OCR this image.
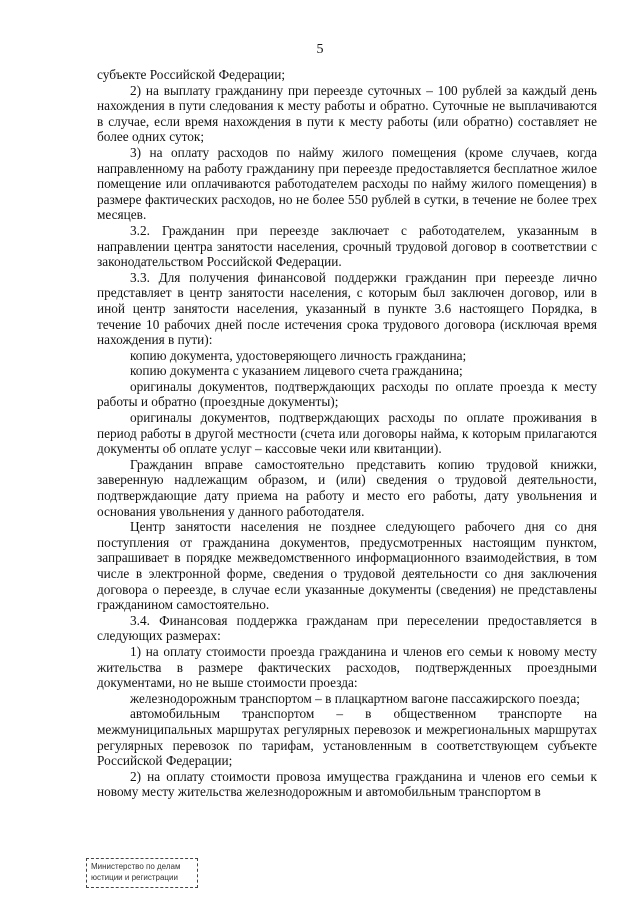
5

субъекте Российской Федерации;

2) на выплату гражданину при переезде суточных – 100 рублей за каждый день нахождения в пути следования к месту работы и обратно. Суточные не выплачиваются в случае, если время нахождения в пути к месту работы (или обратно) составляет не более одних суток;

3) на оплату расходов по найму жилого помещения (кроме случаев, когда направленному на работу гражданину при переезде предоставляется бесплатное жилое помещение или оплачиваются работодателем расходы по найму жилого помещения) в размере фактических расходов, но не более 550 рублей в сутки, в течение не более трех месяцев.

3.2. Гражданин при переезде заключает с работодателем, указанным в направлении центра занятости населения, срочный трудовой договор в соответствии с законодательством Российской Федерации.

3.3. Для получения финансовой поддержки гражданин при переезде лично представляет в центр занятости населения, с которым был заключен договор, или в иной центр занятости населения, указанный в пункте 3.6 настоящего Порядка, в течение 10 рабочих дней после истечения срока трудового договора (исключая время нахождения в пути):

копию документа, удостоверяющего личность гражданина;

копию документа с указанием лицевого счета гражданина;

оригиналы документов, подтверждающих расходы по оплате проезда к месту работы и обратно (проездные документы);

оригиналы документов, подтверждающих расходы по оплате проживания в период работы в другой местности (счета или договоры найма, к которым прилагаются документы об оплате услуг – кассовые чеки или квитанции).

Гражданин вправе самостоятельно представить копию трудовой книжки, заверенную надлежащим образом, и (или) сведения о трудовой деятельности, подтверждающие дату приема на работу и место его работы, дату увольнения и основания увольнения у данного работодателя.

Центр занятости населения не позднее следующего рабочего дня со дня поступления от гражданина документов, предусмотренных настоящим пунктом, запрашивает в порядке межведомственного информационного взаимодействия, в том числе в электронной форме, сведения о трудовой деятельности со дня заключения договора о переезде, в случае если указанные документы (сведения) не представлены гражданином самостоятельно.

3.4. Финансовая поддержка гражданам при переселении предоставляется в следующих размерах:

1) на оплату стоимости проезда гражданина и членов его семьи к новому месту жительства в размере фактических расходов, подтвержденных проездными документами, но не выше стоимости проезда:

железнодорожным транспортом – в плацкартном вагоне пассажирского поезда;

автомобильным транспортом – в общественном транспорте на межмуниципальных маршрутах регулярных перевозок и межрегиональных маршрутах регулярных перевозок по тарифам, установленным в соответствующем субъекте Российской Федерации;

2) на оплату стоимости провоза имущества гражданина и членов его семьи к новому месту жительства железнодорожным и автомобильным транспортом в

Министерство по делам
юстиции и регистрации
